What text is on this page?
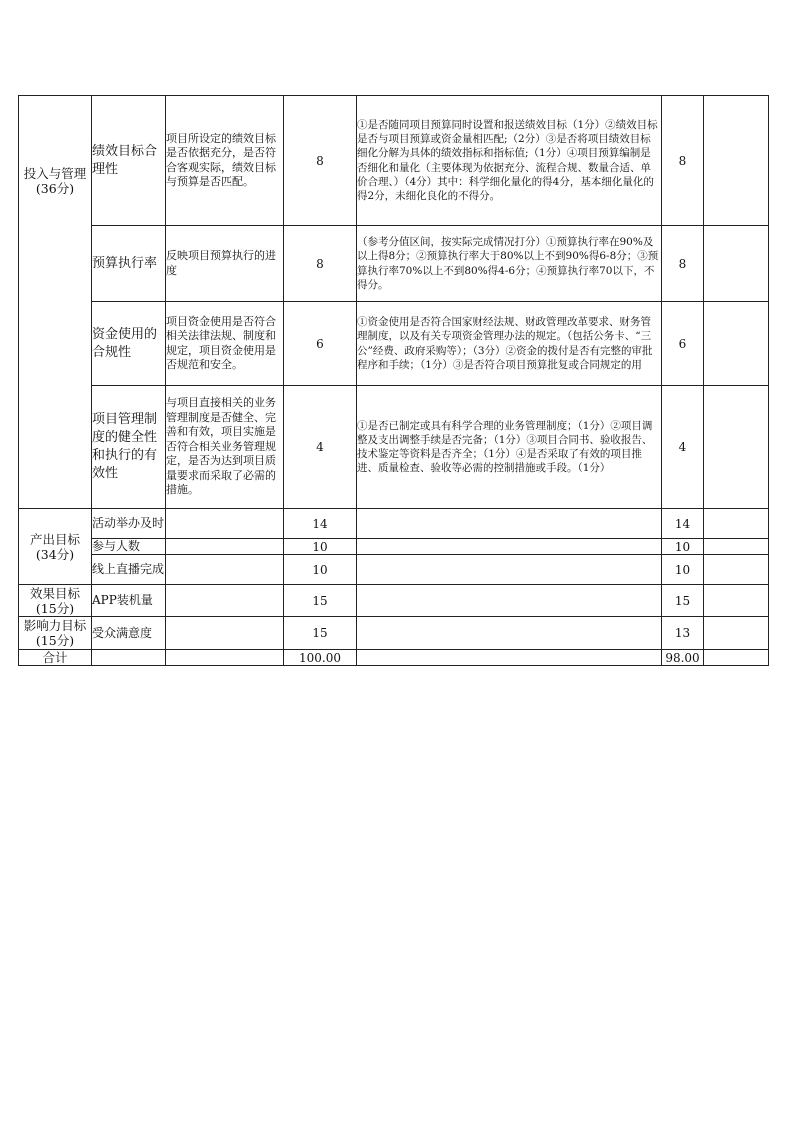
投入与管理
(36分)	绩效目标合理性	项目所设定的绩效目标是否依据充分，是否符合客观实际，绩效目标与预算是否匹配。	8	①是否随同项目预算同时设置和报送绩效目标（1分）②绩效目标是否与项目预算或资金量相匹配;（2分）③是否将项目绩效目标细化分解为具体的绩效指标和指标值;（1分）④项目预算编制是否细化和量化（主要体现为依据充分、流程合规、数量合适、单价合理、）（4分）其中：科学细化量化的得4分，基本细化量化的得2分，未细化良化的不得分。	8	

	预算执行率	反映项目预算执行的进度	8	（参考分值区间，按实际完成情况打分）①预算执行率在90%及以上得8分；②预算执行率大于80%以上不到90%得6-8分；③预算执行率70%以上不到80%得4-6分；④预算执行率70以下，不得分。	8	

	资金使用的合规性	项目资金使用是否符合相关法律法规、制度和规定，项目资金使用是否规范和安全。	6	①资金使用是否符合国家财经法规、财政管理改革要求、财务管理制度，以及有关专项资金管理办法的规定。（包括公务卡、“三公”经费、政府采购等）；（3分）②资金的拨付是否有完整的审批程序和手续；（1分）③是否符合项目预算批复或合同规定的用	6	

	项目管理制度的健全性和执行的有效性	与项目直接相关的业务管理制度是否健全、完善和有效，项目实施是否符合相关业务管理规定，是否为达到项目质量要求而采取了必需的措施。	4	①是否已制定或具有科学合理的业务管理制度；（1分）②项目调整及支出调整手续是否完备；（1分）③项目合同书、验收报告、技术鉴定等资料是否齐全；（1分）④是否采取了有效的项目推进、质量检查、验收等必需的控制措施或手段。（1分）	4	

产出目标
(34分)	活动举办及时		14		14	

	参与人数		10		10	

	线上直播完成		10		10	

效果目标
(15分)	APP装机量		15		15	

影响力目标
(15分)	受众满意度		15		13	
合计			100.00		98.00	
